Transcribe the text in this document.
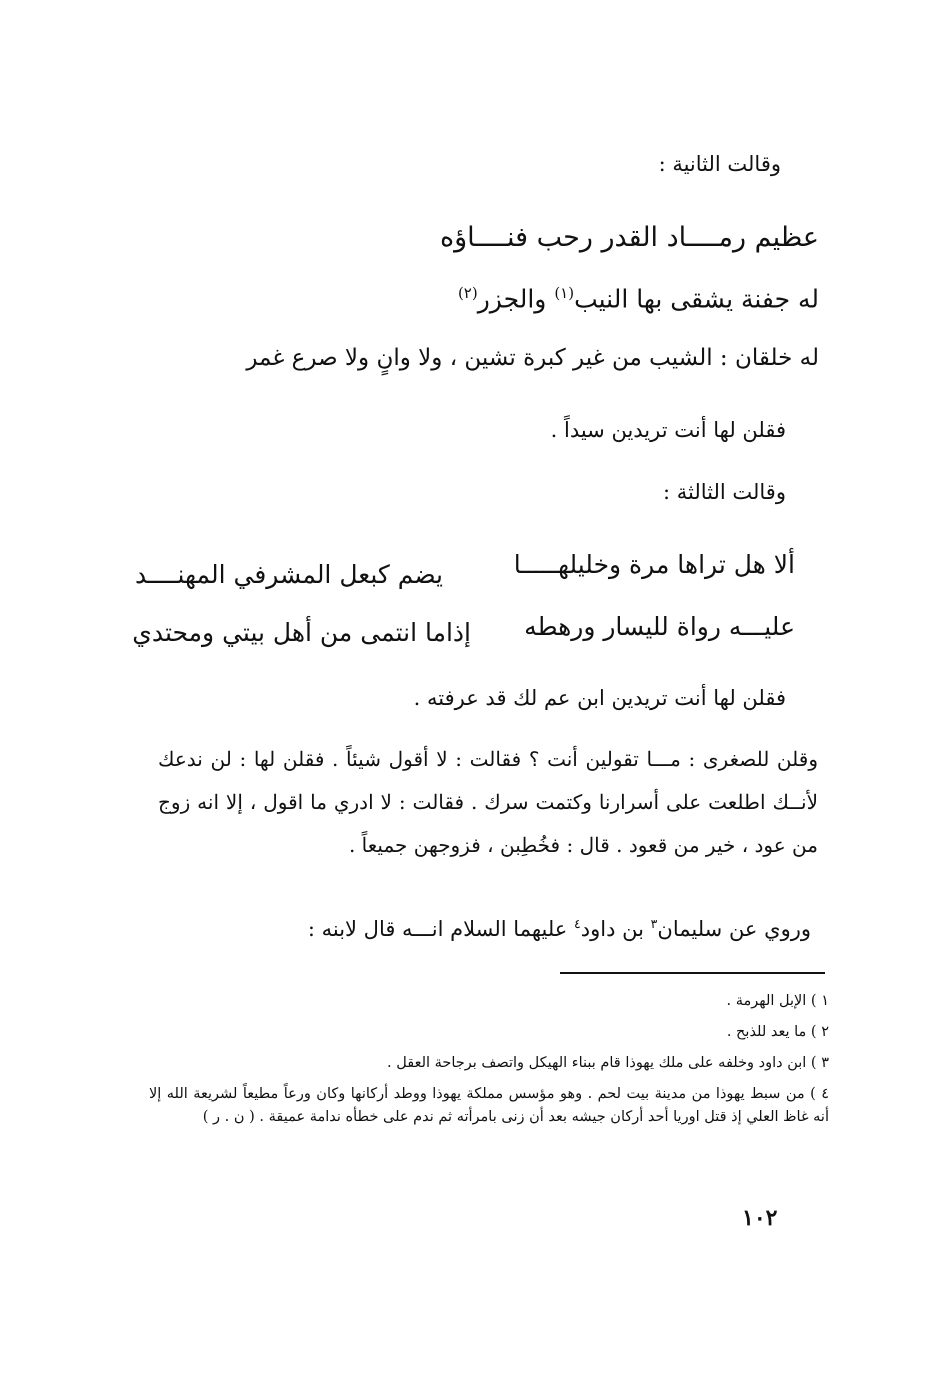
وقالت الثانية :
عظيم رمــــاد القدر رحب فنــــاؤه
له جفنة يشقى بها النيب$^{(١)}$ والجزر$^{(٢)}$
له خلقان : الشيب من غير كبرة تشين ، ولا وانٍ ولا صرع غمر
فقلن لها أنت تريدين سيداً .
وقالت الثالثة :
ألا هل تراها مرة وخليلهـــــا
يضم كبعل المشرفي المهنــــد
عليـــه رواة لليسار ورهطه
إذاما انتمى من أهل بيتي ومحتدي
فقلن لها أنت تريدين ابن عم لك قد عرفته .
وقلن للصغرى : مـــا تقولين أنت ؟ فقالت : لا أقول شيئاً . فقلن لها : لن ندعك لأنــك اطلعت على أسرارنا وكتمت سرك . فقالت : لا ادري ما اقول ، إلا انه زوج من عود ، خير من قعود . قال : فخُطِبن ، فزوجهن جميعاً .
وروي عن سليمان$^٣$ بن داود$^٤$ عليهما السلام انـــه قال لابنه :
١ ) الإبل الهرمة .
٢ ) ما يعد للذبح .
٣ ) ابن داود وخلفه على ملك يهوذا قام ببناء الهيكل واتصف برجاحة العقل .
٤ ) من سبط يهوذا من مدينة بيت لحم . وهو مؤسس مملكة يهوذا ووطد أركانها وكان ورعاً مطيعاً لشريعة الله إلا أنه غاظ العلي إذ قتل اوريا أحد أركان جيشه بعد أن زنى بامرأته ثم ندم على خطأه ندامة عميقة . ( ن . ر )
١٠٢
